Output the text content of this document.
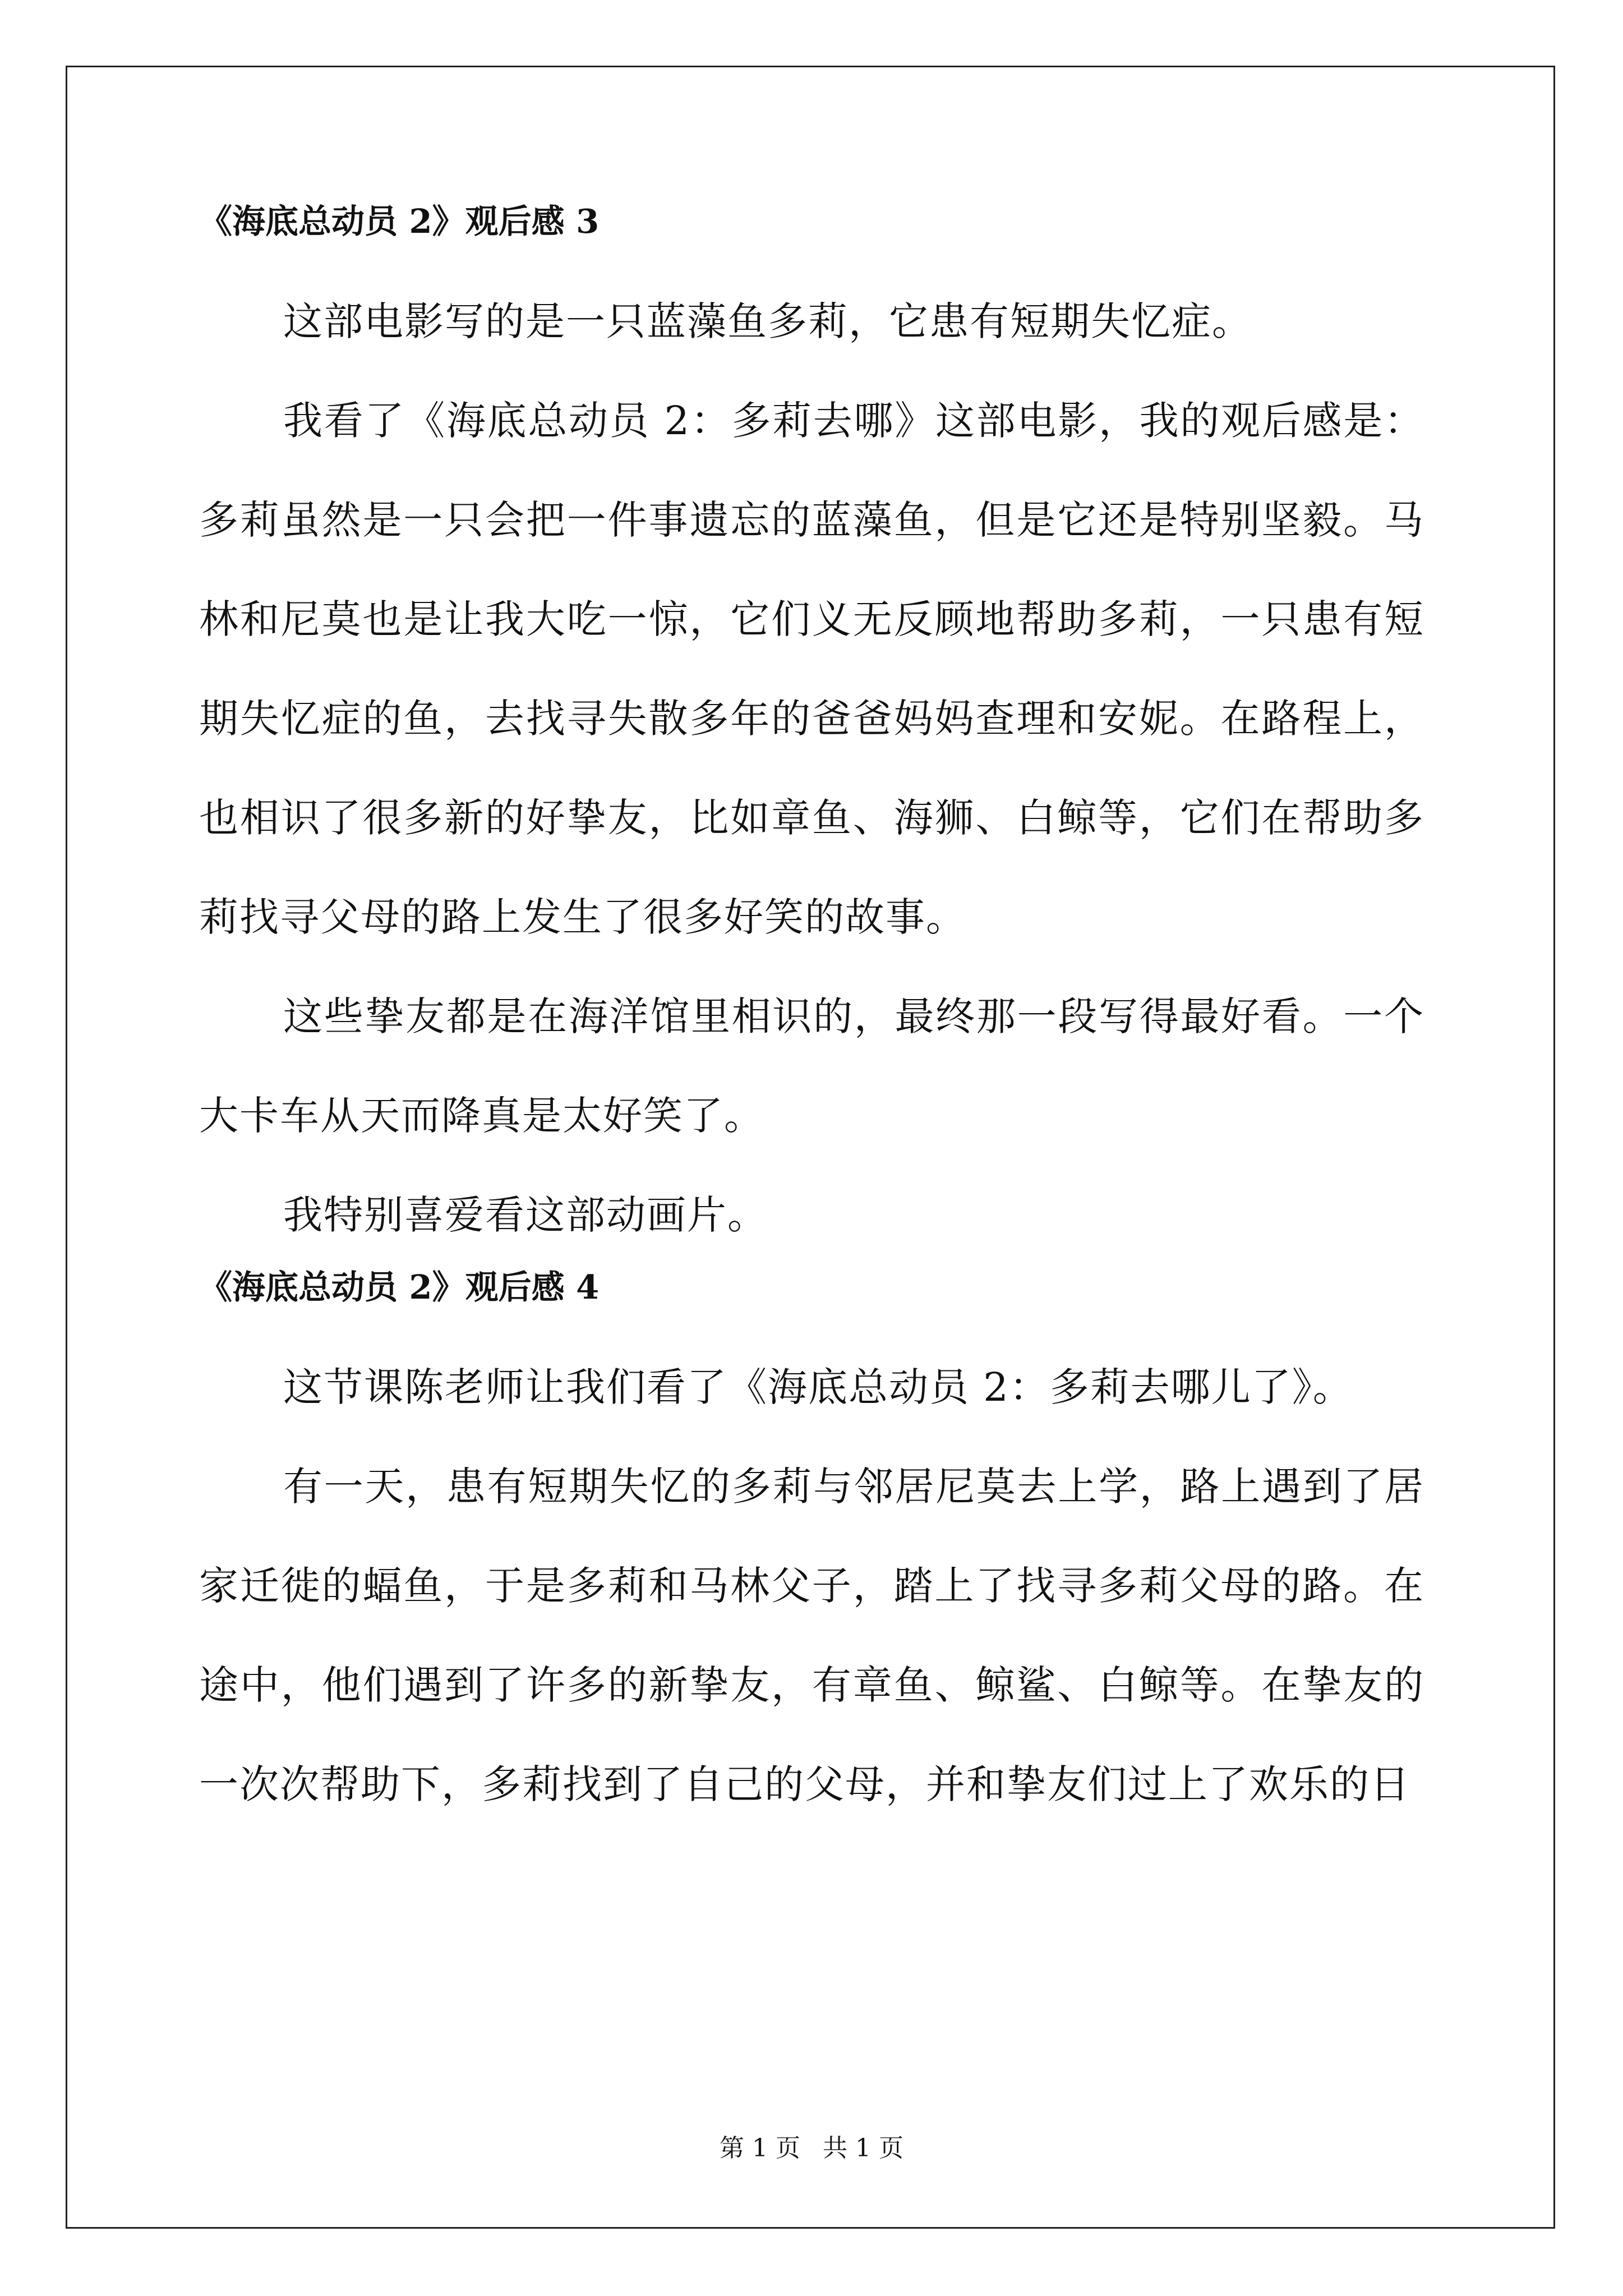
《海底总动员 2》观后感 3

这部电影写的是一只蓝藻鱼多莉，它患有短期失忆症。

我看了《海底总动员 2：多莉去哪》这部电影，我的观后感是：多莉虽然是一只会把一件事遗忘的蓝藻鱼，但是它还是特别坚毅。马林和尼莫也是让我大吃一惊，它们义无反顾地帮助多莉，一只患有短期失忆症的鱼，去找寻失散多年的爸爸妈妈查理和安妮。在路程上，也相识了很多新的好挚友，比如章鱼、海狮、白鲸等，它们在帮助多莉找寻父母的路上发生了很多好笑的故事。

这些挚友都是在海洋馆里相识的，最终那一段写得最好看。一个大卡车从天而降真是太好笑了。

我特别喜爱看这部动画片。

《海底总动员 2》观后感 4

这节课陈老师让我们看了《海底总动员 2：多莉去哪儿了》。

有一天，患有短期失忆的多莉与邻居尼莫去上学，路上遇到了居家迁徙的蝠鱼，于是多莉和马林父子，踏上了找寻多莉父母的路。在途中，他们遇到了许多的新挚友，有章鱼、鲸鲨、白鲸等。在挚友的一次次帮助下，多莉找到了自己的父母，并和挚友们过上了欢乐的日

第 1 页 共 1 页
